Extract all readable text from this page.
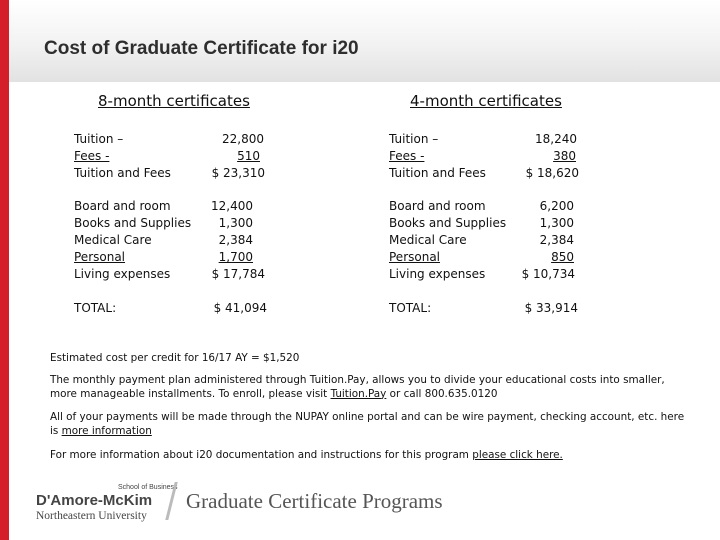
Cost of Graduate Certificate for i20
8-month certificates
Tuition –
Fees -
Tuition and Fees
22,800
510
$ 23,310
Board and room
Books and Supplies
Medical Care
Personal
Living expenses
12,400
1,300
2,384
1,700
$ 17,784
TOTAL:	$ 41,094
4-month certificates
Tuition –
Fees -
Tuition and Fees
18,240
380
$ 18,620
Board and room
Books and Supplies
Medical Care
Personal
Living expenses
6,200
1,300
2,384
850
$ 10,734
TOTAL:	$ 33,914
Estimated cost per credit for 16/17 AY = $1,520
The monthly payment plan administered through Tuition.Pay, allows you to divide your educational costs into smaller, more manageable installments. To enroll, please visit Tuition.Pay or call 800.635.0120
All of your payments will be made through the NUPAY online portal and can be wire payment, checking account, etc. here is more information
For more information about i20 documentation and instructions for this program please click here.
School of Business
D'Amore-McKim
Northeastern University
Graduate Certificate Programs
